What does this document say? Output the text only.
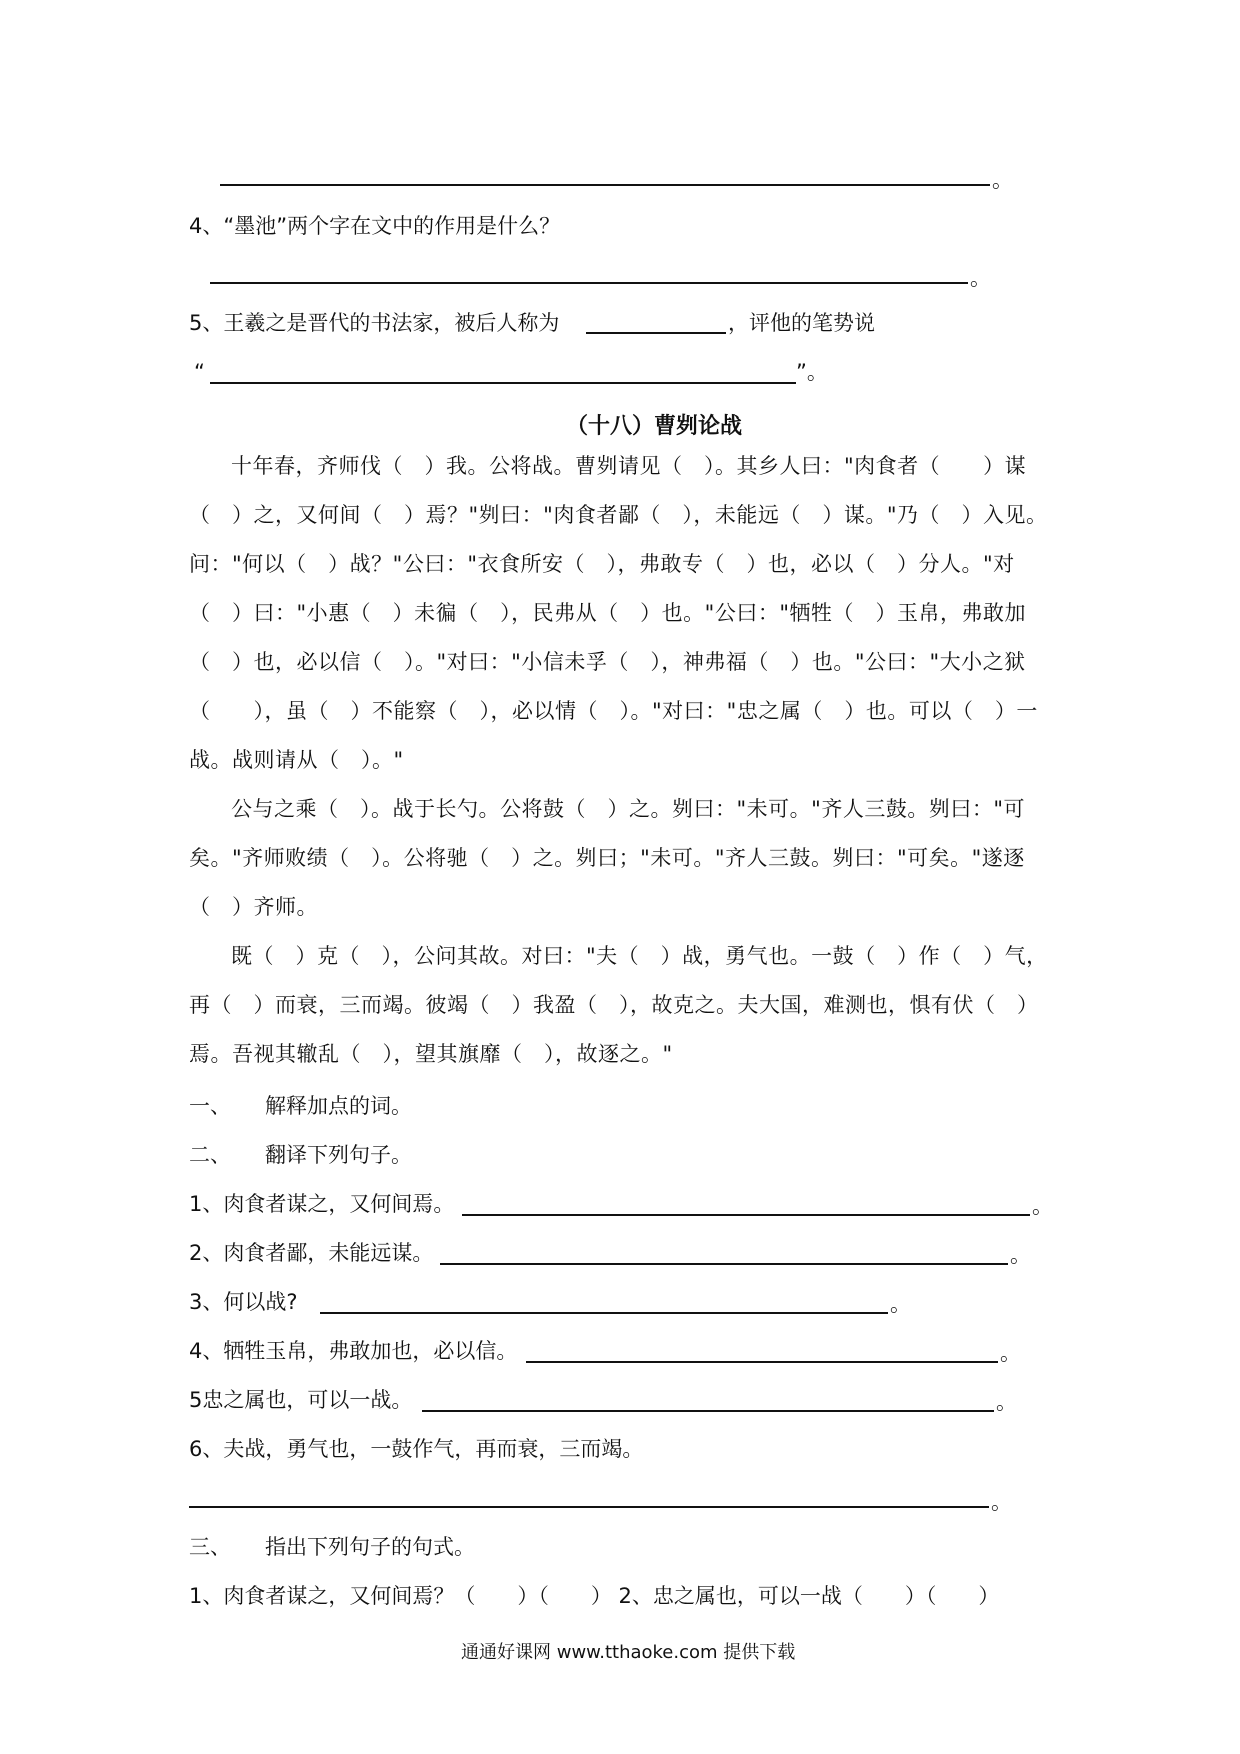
。
4、“墨池”两个字在文中的作用是什么？
。
5、王羲之是晋代的书法家，被后人称为	，评他的笔势说
“	”。
（十八）曹刿论战

十年春，齐师伐（　）我。公将战。曹刿请见（　）。其乡人曰："肉食者（　　）谋（　）之，又何间（　）焉？"刿曰："肉食者鄙（　），未能远（　）谋。"乃（　）入见。问："何以（　）战？"公曰："衣食所安（　），弗敢专（　）也，必以（　）分人。"对（　）曰："小惠（　）未徧（　），民弗从（　）也。"公曰："牺牲（　）玉帛，弗敢加（　）也，必以信（　）。"对曰："小信未孚（　），神弗福（　）也。"公曰："大小之狱（　　），虽（　）不能察（　），必以情（　）。"对曰："忠之属（　）也。可以（　）一战。战则请从（　）。"

公与之乘（　）。战于长勺。公将鼓（　）之。刿曰："未可。"齐人三鼓。刿曰："可矣。"齐师败绩（　）。公将驰（　）之。刿曰；"未可。"齐人三鼓。刿曰："可矣。"遂逐（　）齐师。

既（　）克（　），公问其故。对曰："夫（　）战，勇气也。一鼓（　）作（　）气，再（　）而衰，三而竭。彼竭（　）我盈（　），故克之。夫大国，难测也，惧有伏（　）焉。吾视其辙乱（　），望其旗靡（　），故逐之。"

一、 解释加点的词。
二、 翻译下列句子。
1、肉食者谋之，又何间焉。	。
2、肉食者鄙，未能远谋。	。
3、何以战?	。
4、牺牲玉帛，弗敢加也，必以信。	。
5忠之属也，可以一战。	。
6、夫战，勇气也，一鼓作气，再而衰，三而竭。
。
三、 指出下列句子的句式。
1、肉食者谋之，又何间焉？（　　）（　　） 2、忠之属也，可以一战（　　）（　　）
通通好课网 www.tthaoke.com 提供下载
